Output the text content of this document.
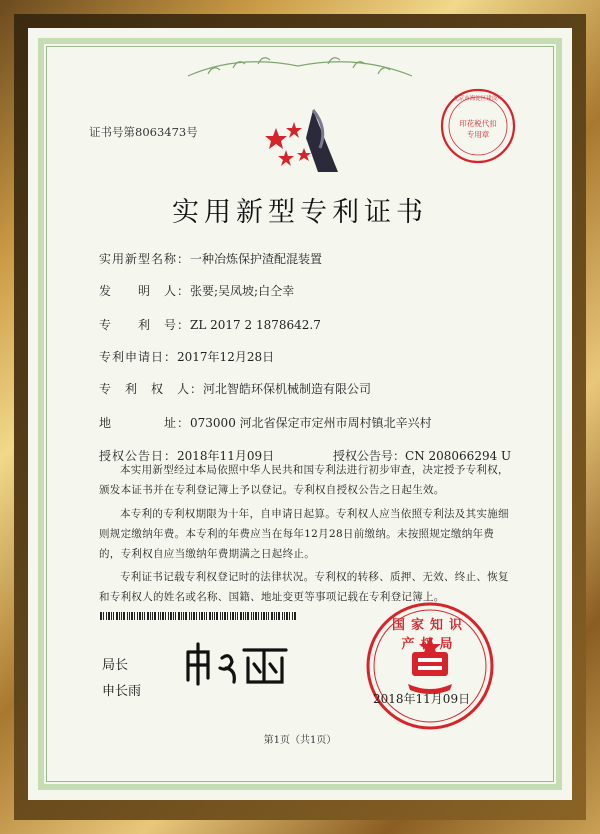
证书号第8063473号
印花税代扣专用章
北京市海淀区建设厂
实用新型专利证书
实用新型名称：一种冶炼保护渣配混装置
发　　明　人：张要;吴凤坡;白仝幸
专　　利　号：ZL 2017 2 1878642.7
专利申请日：2017年12月28日
专　利　权　人：河北智皓环保机械制造有限公司
地　　　　址：073000 河北省保定市定州市周村镇北辛兴村
授权公告日：2018年11月09日	授权公告号：CN 208066294 U
本实用新型经过本局依照中华人民共和国专利法进行初步审查，决定授予专利权，颁发本证书并在专利登记簿上予以登记。专利权自授权公告之日起生效。
本专利的专利权期限为十年，自申请日起算。专利权人应当依照专利法及其实施细则规定缴纳年费。本专利的年费应当在每年12月28日前缴纳。未按照规定缴纳年费的，专利权自应当缴纳年费期满之日起终止。
专利证书记载专利权登记时的法律状况。专利权的转移、质押、无效、终止、恢复和专利权人的姓名或名称、国籍、地址变更等事项记载在专利登记簿上。
局长
申长雨
国家知识产权局
2018年11月09日
第1页（共1页）
